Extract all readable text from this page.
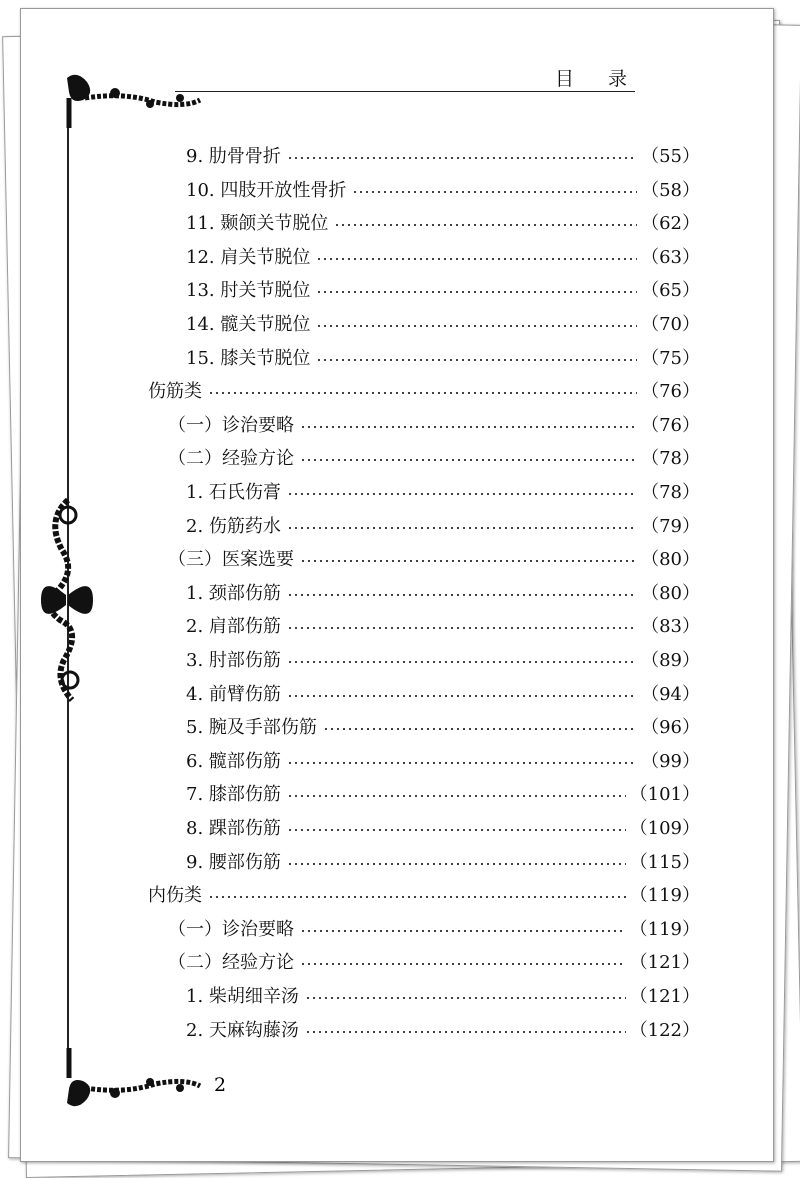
目 录
9. 肋骨骨折	（55）
10. 四肢开放性骨折	（58）
11. 颞颌关节脱位	（62）
12. 肩关节脱位	（63）
13. 肘关节脱位	（65）
14. 髋关节脱位	（70）
15. 膝关节脱位	（75）
伤筋类	（76）
（一）诊治要略	（76）
（二）经验方论	（78）
1. 石氏伤膏	（78）
2. 伤筋药水	（79）
（三）医案选要	（80）
1. 颈部伤筋	（80）
2. 肩部伤筋	（83）
3. 肘部伤筋	（89）
4. 前臂伤筋	（94）
5. 腕及手部伤筋	（96）
6. 髋部伤筋	（99）
7. 膝部伤筋	（101）
8. 踝部伤筋	（109）
9. 腰部伤筋	（115）
内伤类	（119）
（一）诊治要略	（119）
（二）经验方论	（121）
1. 柴胡细辛汤	（121）
2. 天麻钩藤汤	（122）
2
